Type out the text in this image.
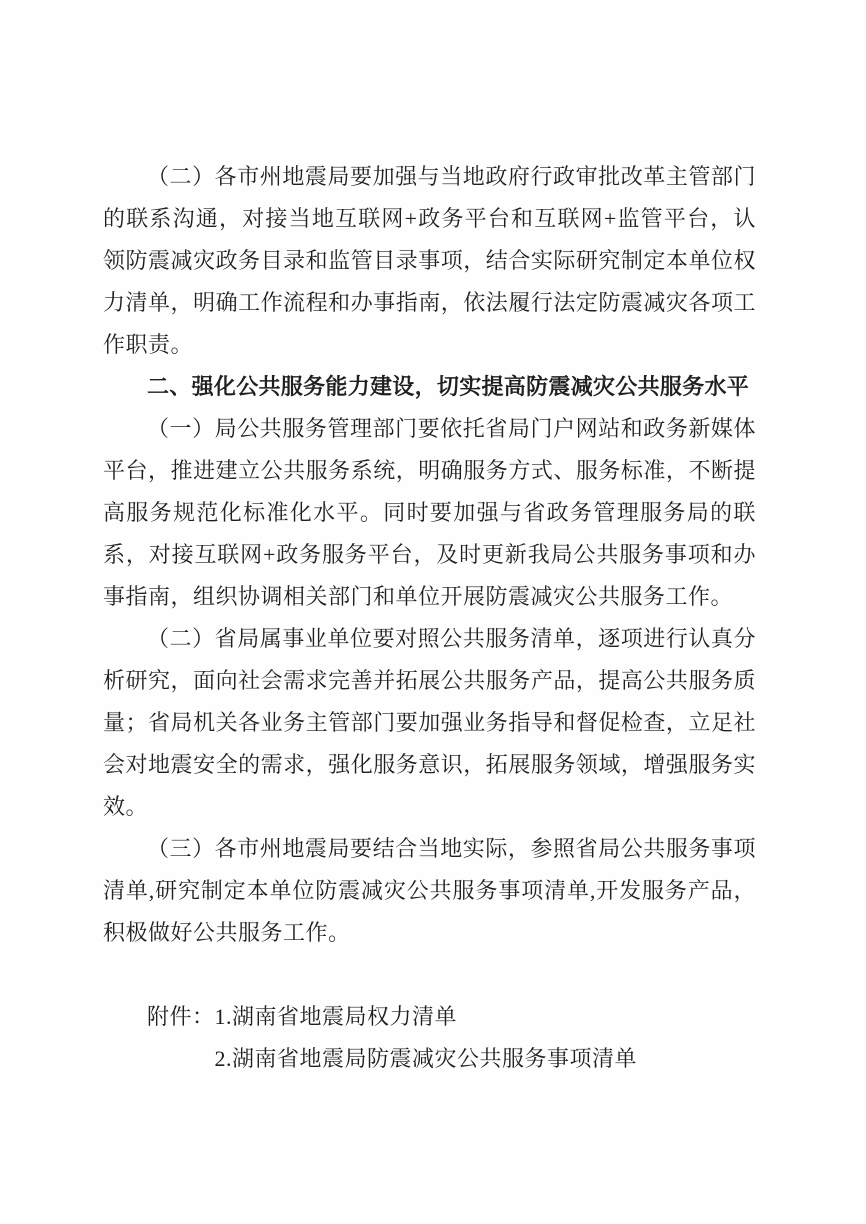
（二）各市州地震局要加强与当地政府行政审批改革主管部门的联系沟通，对接当地互联网+政务平台和互联网+监管平台，认领防震减灾政务目录和监管目录事项，结合实际研究制定本单位权力清单，明确工作流程和办事指南，依法履行法定防震减灾各项工作职责。

二、强化公共服务能力建设，切实提高防震减灾公共服务水平

（一）局公共服务管理部门要依托省局门户网站和政务新媒体平台，推进建立公共服务系统，明确服务方式、服务标准，不断提高服务规范化标准化水平。同时要加强与省政务管理服务局的联系，对接互联网+政务服务平台，及时更新我局公共服务事项和办事指南，组织协调相关部门和单位开展防震减灾公共服务工作。

（二）省局属事业单位要对照公共服务清单，逐项进行认真分析研究，面向社会需求完善并拓展公共服务产品，提高公共服务质量；省局机关各业务主管部门要加强业务指导和督促检查，立足社会对地震安全的需求，强化服务意识，拓展服务领域，增强服务实效。

（三）各市州地震局要结合当地实际，参照省局公共服务事项清单,研究制定本单位防震减灾公共服务事项清单,开发服务产品，积极做好公共服务工作。

附件： 1.湖南省地震局权力清单
2.湖南省地震局防震减灾公共服务事项清单
